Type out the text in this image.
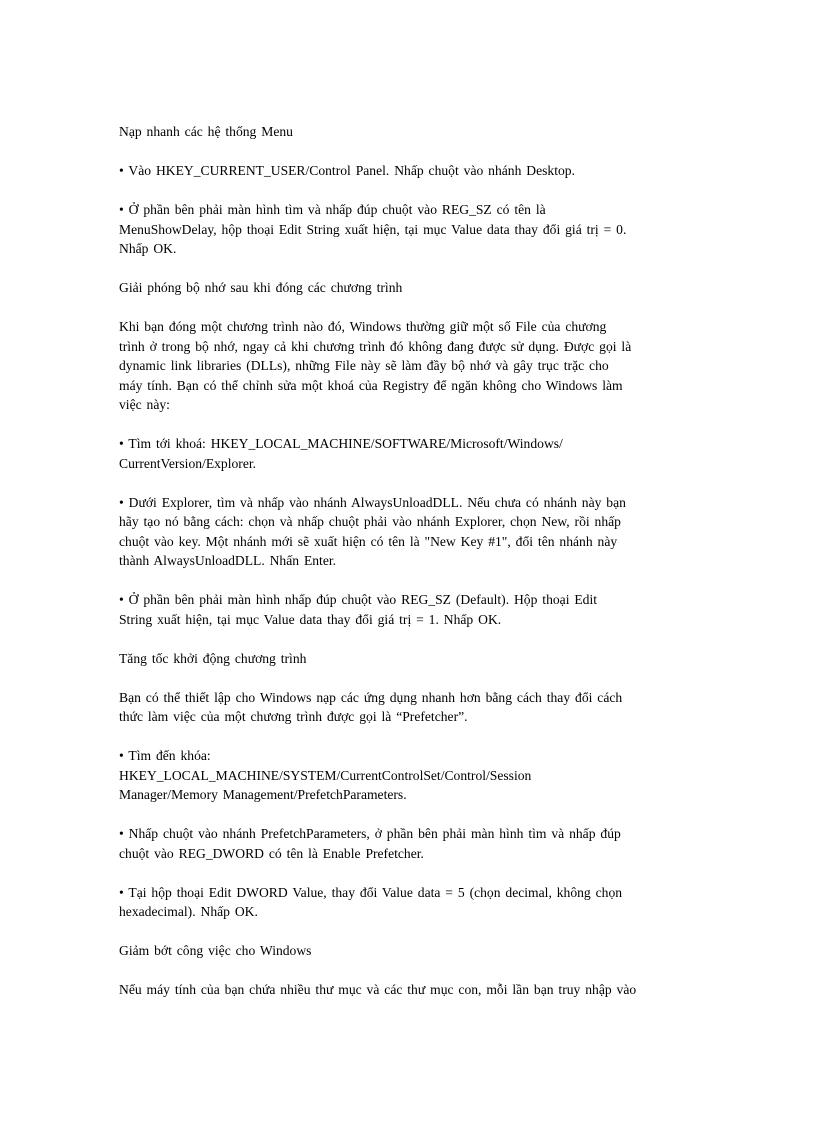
Nạp nhanh các hệ thống Menu

• Vào HKEY_CURRENT_USER/Control Panel. Nhấp chuột vào nhánh Desktop.

• Ở phần bên phải màn hình tìm và nhấp đúp chuột vào REG_SZ có tên là
MenuShowDelay, hộp thoại Edit String xuất hiện, tại mục Value data thay đổi giá trị = 0.
Nhấp OK.

Giải phóng bộ nhớ sau khi đóng các chương trình

Khi bạn đóng một chương trình nào đó, Windows thường giữ một số File của chương
trình ở trong bộ nhớ, ngay cả khi chương trình đó không đang được sử dụng. Được gọi là
dynamic link libraries (DLLs), những File này sẽ làm đầy bộ nhớ và gây trục trặc cho
máy tính. Bạn có thể chỉnh sửa một khoá của Registry để ngăn không cho Windows làm
việc này:

• Tìm tới khoá: HKEY_LOCAL_MACHINE/SOFTWARE/Microsoft/Windows/
CurrentVersion/Explorer.

• Dưới Explorer, tìm và nhấp vào nhánh AlwaysUnloadDLL. Nếu chưa có nhánh này bạn
hãy tạo nó bằng cách: chọn và nhấp chuột phải vào nhánh Explorer, chọn New, rồi nhấp
chuột vào key. Một nhánh mới sẽ xuất hiện có tên là "New Key #1", đổi tên nhánh này
thành AlwaysUnloadDLL. Nhấn Enter.

• Ở phần bên phải màn hình nhấp đúp chuột vào REG_SZ (Default). Hộp thoại Edit
String xuất hiện, tại mục Value data thay đổi giá trị = 1. Nhấp OK.

Tăng tốc khởi động chương trình

Bạn có thể thiết lập cho Windows nạp các ứng dụng nhanh hơn bằng cách thay đổi cách
thức làm việc của một chương trình được gọi là “Prefetcher”.

• Tìm đến khóa:
HKEY_LOCAL_MACHINE/SYSTEM/CurrentControlSet/Control/Session
Manager/Memory Management/PrefetchParameters.

• Nhấp chuột vào nhánh PrefetchParameters, ở phần bên phải màn hình tìm và nhấp đúp
chuột vào REG_DWORD có tên là Enable Prefetcher.

• Tại hộp thoại Edit DWORD Value, thay đổi Value data = 5 (chọn decimal, không chọn
hexadecimal). Nhấp OK.

Giảm bớt công việc cho Windows

Nếu máy tính của bạn chứa nhiều thư mục và các thư mục con, mỗi lần bạn truy nhập vào
